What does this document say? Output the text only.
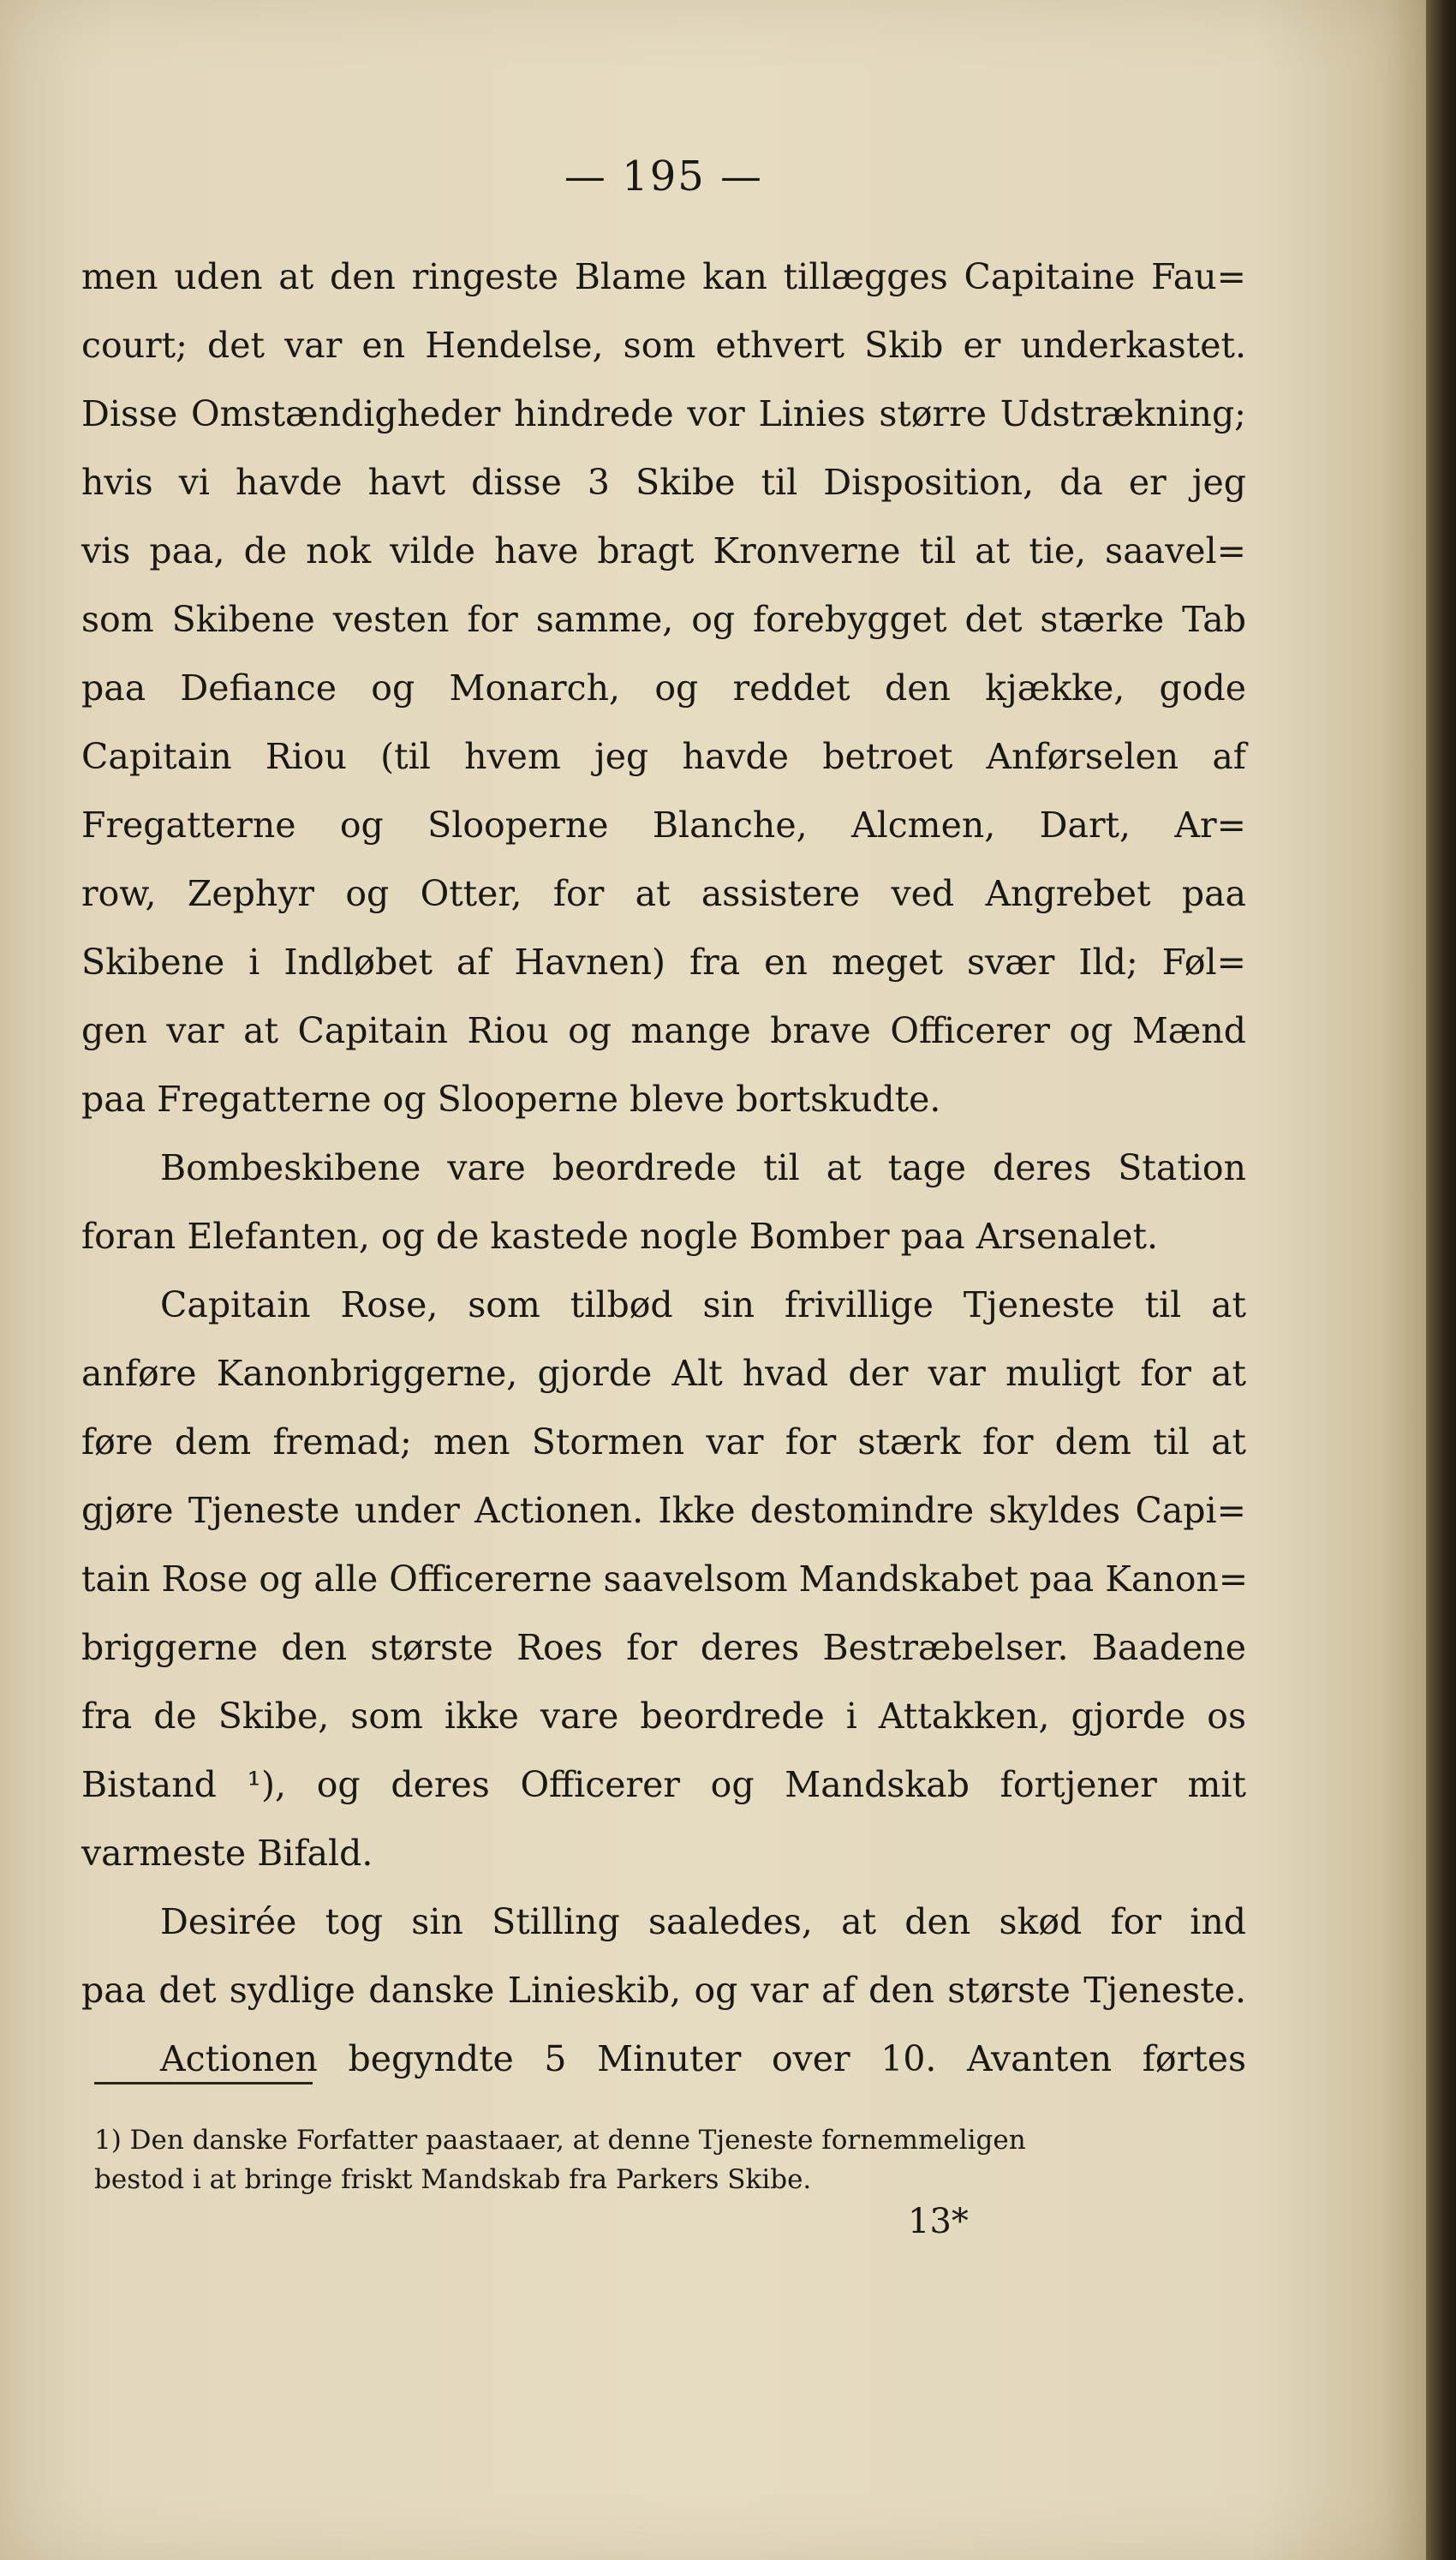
— 195 —
men uden at den ringeste Blame kan tillægges Capitaine Fau=
court; det var en Hendelse, som ethvert Skib er underkastet.
Disse Omstændigheder hindrede vor Linies større Udstrækning;
hvis vi havde havt disse 3 Skibe til Disposition, da er jeg
vis paa, de nok vilde have bragt Kronverne til at tie, saavel=
som Skibene vesten for samme, og forebygget det stærke Tab
paa Defiance og Monarch, og reddet den kjække, gode
Capitain Riou (til hvem jeg havde betroet Anførselen af
Fregatterne og Slooperne Blanche, Alcmen, Dart, Ar=
row, Zephyr og Otter, for at assistere ved Angrebet paa
Skibene i Indløbet af Havnen) fra en meget svær Ild; Føl=
gen var at Capitain Riou og mange brave Officerer og Mænd
paa Fregatterne og Slooperne bleve bortskudte.
Bombeskibene vare beordrede til at tage deres Station
foran Elefanten, og de kastede nogle Bomber paa Arsenalet.
Capitain Rose, som tilbød sin frivillige Tjeneste til at
anføre Kanonbriggerne, gjorde Alt hvad der var muligt for at
føre dem fremad; men Stormen var for stærk for dem til at
gjøre Tjeneste under Actionen. Ikke destomindre skyldes Capi=
tain Rose og alle Officererne saavelsom Mandskabet paa Kanon=
briggerne den største Roes for deres Bestræbelser. Baadene
fra de Skibe, som ikke vare beordrede i Attakken, gjorde os
Bistand ¹), og deres Officerer og Mandskab fortjener mit
varmeste Bifald.
Desirée tog sin Stilling saaledes, at den skød for ind
paa det sydlige danske Linieskib, og var af den største Tjeneste.
Actionen begyndte 5 Minuter over 10. Avanten førtes
1) Den danske Forfatter paastaaer, at denne Tjeneste fornemmeligen
bestod i at bringe friskt Mandskab fra Parkers Skibe.
13*
